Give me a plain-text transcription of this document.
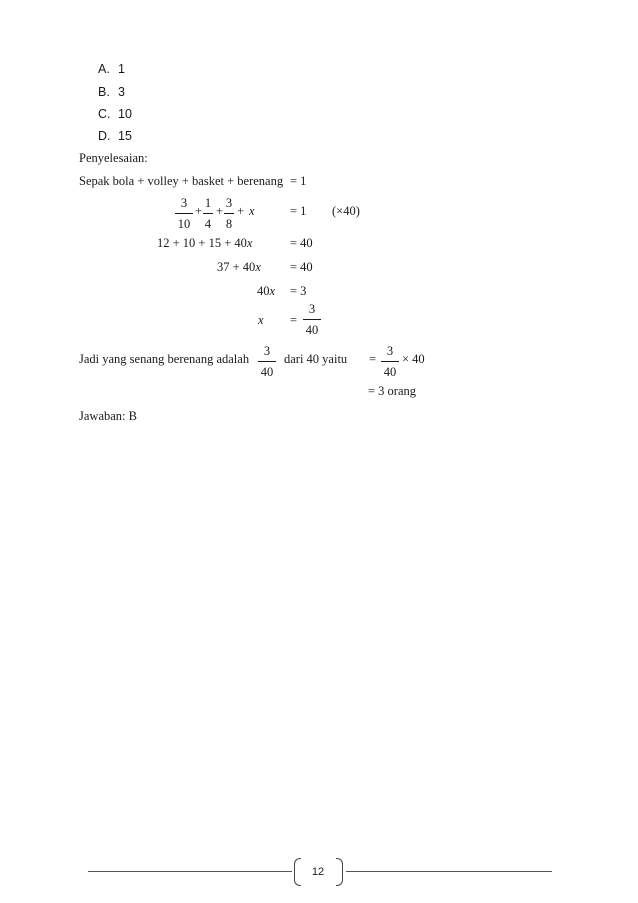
A. 1
B. 3
C. 10
D. 15
Penyelesaian:
Sepak bola + volley + basket + berenang = 1
3
10
+
1
4
+
3
8
+ x	= 1 (×40)
12 + 10 + 15 + 40x	= 40
37 + 40x = 40
40x = 3
x =
3
40
Jadi yang senang berenang adalah
3
40
dari 40 yaitu =
3
40
× 40
= 3 orang
Jawaban: B
12
